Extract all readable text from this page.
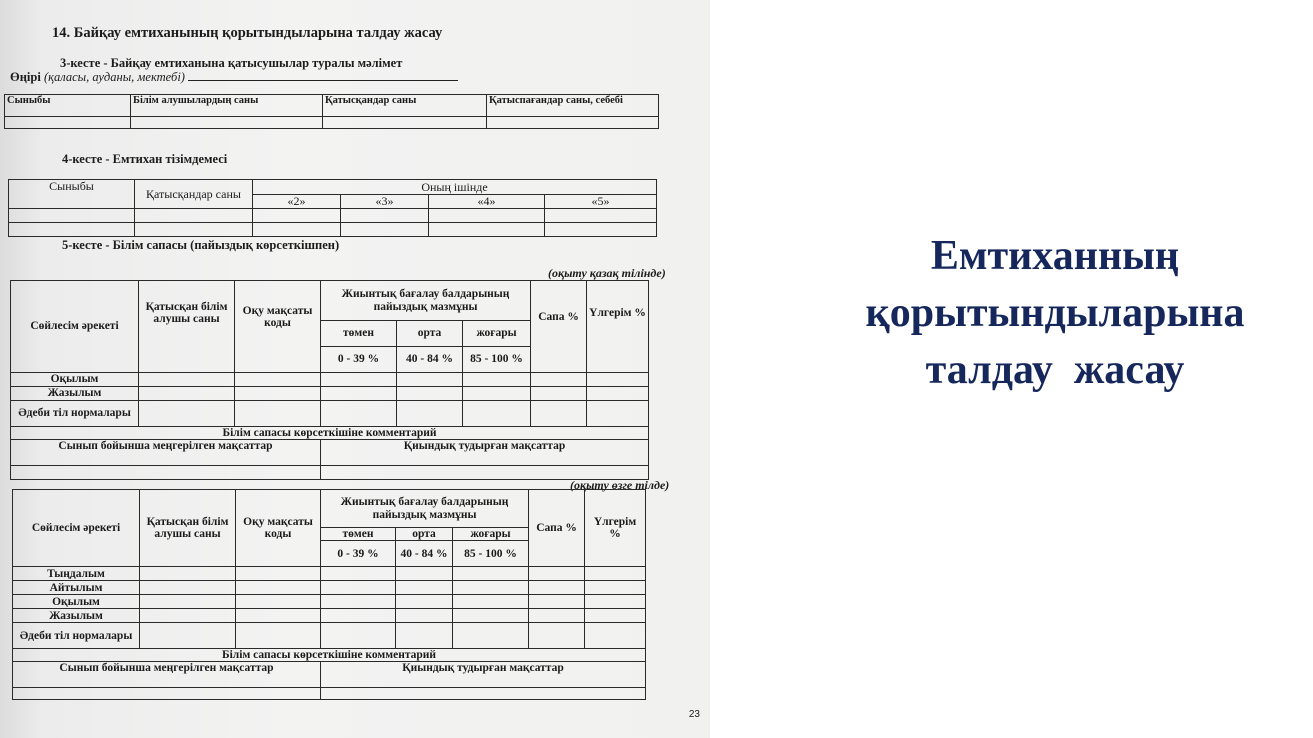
14. Байқау емтиханының қорытындыларына талдау жасау
3-кесте - Байқау емтиханына қатысушылар туралы мәлімет
Өңірі (қаласы, ауданы, мектебі)
Сыныбы	Білім алушылардың саны	Қатысқандар саны	Қатыспағандар саны, себебі

4-кесте - Емтихан тізімдемесі
Сыныбы	Қатысқандар саны	Оның ішінде			
		«2»	«3»	«4»	«5»

5-кесте - Білім сапасы (пайыздық көрсеткішпен)
(оқыту қазақ тілінде)
Сөйлесім әрекеті	Қатысқан білім алушы саны	Оқу мақсаты коды	Жиынтық бағалау балдарының пайыздық мазмұны			Сапа %	Үлгерім %
			төмен	орта	жоғары		
			0 - 39 %	40 - 84 %	85 - 100 %		
Оқылым							
Жазылым							
Әдеби тіл нормалары							
Білім сапасы көрсеткішіне комментарий							
Сынып бойынша меңгерілген мақсаттар			Қиындық тудырған мақсаттар				

(оқыту өзге тілде)
Сөйлесім әрекеті	Қатысқан білім алушы саны	Оқу мақсаты коды	Жиынтық бағалау балдарының пайыздық мазмұны			Сапа %	Үлгерім %
			төмен	орта	жоғары		
			0 - 39 %	40 - 84 %	85 - 100 %		
Тыңдалым							
Айтылым							
Оқылым							
Жазылым							
Әдеби тіл нормалары							
Білім сапасы көрсеткішіне комментарий							
Сынып бойынша меңгерілген мақсаттар			Қиындық тудырған мақсаттар				

23
Емтиханның
қорытындыларына
талдау  жасау
